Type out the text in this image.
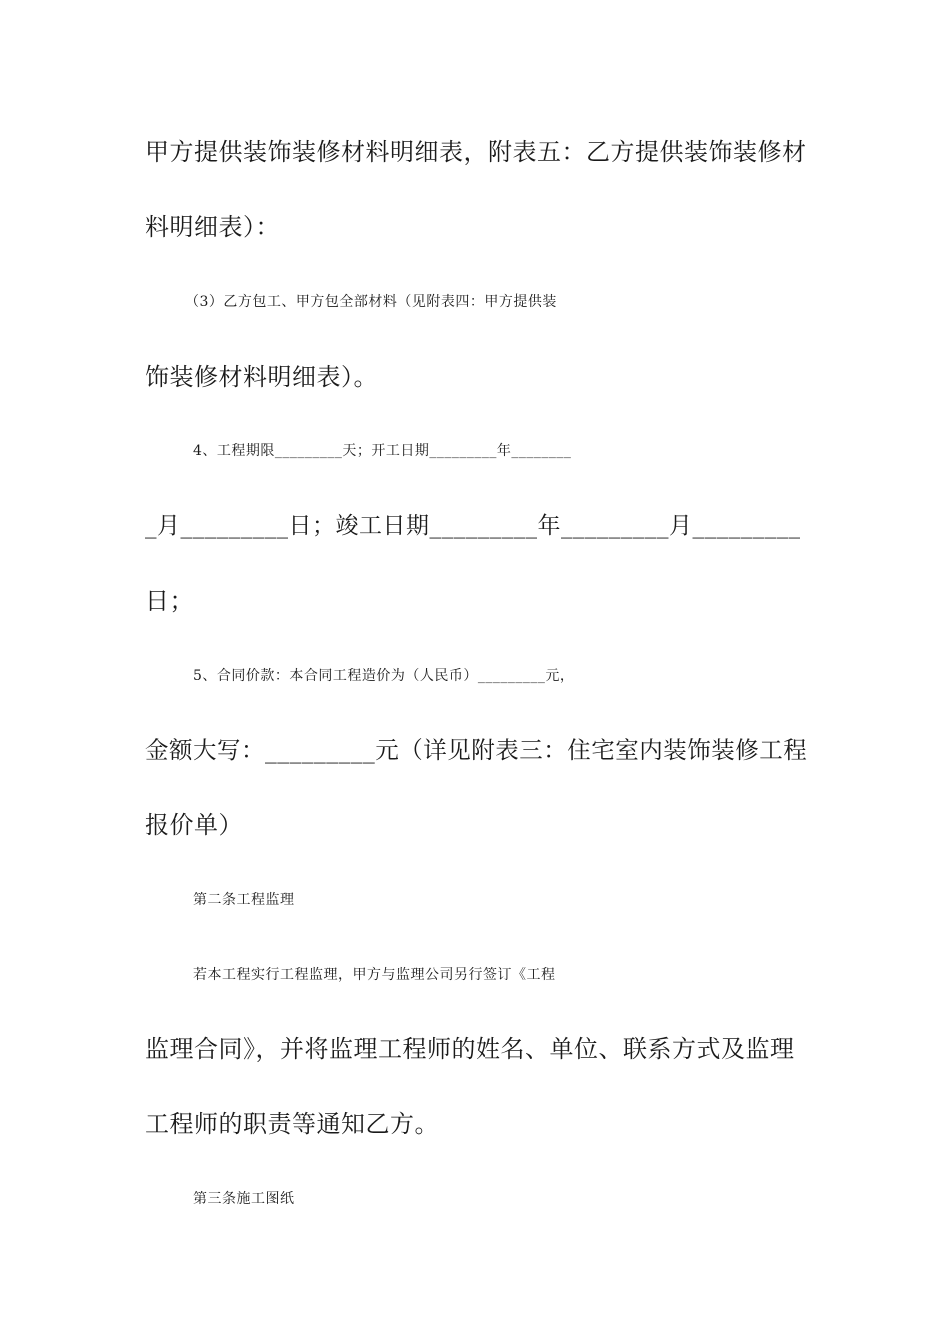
甲方提供装饰装修材料明细表，附表五：乙方提供装饰装修材
料明细表）：
（3）乙方包工、甲方包全部材料（见附表四：甲方提供装
饰装修材料明细表）。
4、工程期限_________天；开工日期_________年________
_月_________日；竣工日期_________年_________月_________
日；
5、合同价款：本合同工程造价为（人民币）_________元，
金额大写：_________元（详见附表三：住宅室内装饰装修工程
报价单）
第二条工程监理
若本工程实行工程监理，甲方与监理公司另行签订《工程
监理合同》，并将监理工程师的姓名、单位、联系方式及监理
工程师的职责等通知乙方。
第三条施工图纸
